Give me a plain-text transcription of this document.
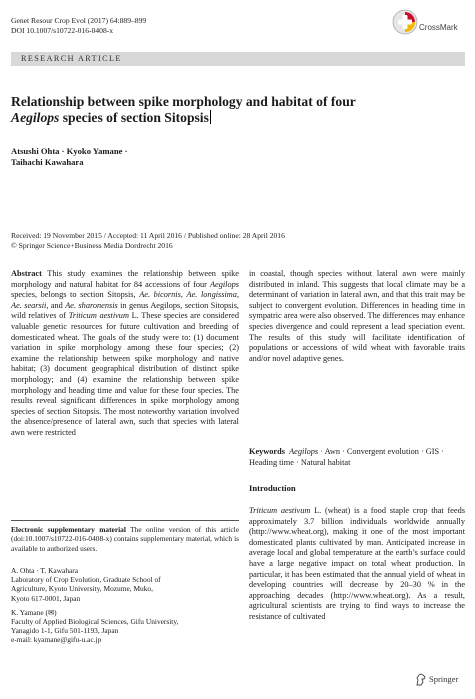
Genet Resour Crop Evol (2017) 64:889–899
DOI 10.1007/s10722-016-0408-x	CrossMark
RESEARCH ARTICLE
Relationship between spike morphology and habitat of four
Aegilops species of section Sitopsis
Atsushi Ohta · Kyoko Yamane ·
Taihachi Kawahara
Received: 19 November 2015 / Accepted: 11 April 2016 / Published online: 28 April 2016
© Springer Science+Business Media Dordrecht 2016
Abstract This study examines the relationship between spike morphology and natural habitat for 84 accessions of four Aegilops species, belongs to section Sitopsis, Ae. bicornis, Ae. longissima, Ae. searsii, and Ae. sharonensis in genus Aegilops, section Sitopsis, wild relatives of Triticum aestivum L. These species are considered valuable genetic resources for future cultivation and breeding of domesticated wheat. The goals of the study were to: (1) document variation in spike morphology among these four species; (2) examine the relationship between spike morphology and native habitat; (3) document geographical distribution of distinct spike morphology; and (4) examine the relationship between spike morphology and heading time and value for these four species. The results reveal significant differences in spike morphology among species of section Sitopsis. The most noteworthy variation involved the absence/presence of lateral awn, such that species with lateral awn were restricted
in coastal, though species without lateral awn were mainly distributed in inland. This suggests that local climate may be a determinant of variation in lateral awn, and that this trait may be subject to convergent evolution. Differences in heading time in sympatric area were also observed. The differences may enhance species divergence and could represent a lead speciation event. The results of this study will facilitate identification of populations or accessions of wild wheat with favorable traits and/or novel adaptive genes.
Keywords Aegilops · Awn · Convergent evolution · GIS · Heading time · Natural habitat
Introduction
Triticum aestivum L. (wheat) is a food staple crop that feeds approximately 3.7 billion individuals worldwide annually (http://www.wheat.org), making it one of the most important domesticated plants cultivated by man. Anticipated increase in average local and global temperature at the earth’s surface could have a large negative impact on total wheat production. In particular, it has been estimated that the annual yield of wheat in developing countries will decrease by 20–30 % in the approaching decades (http://www.wheat.org). As a result, agricultural scientists are trying to find ways to increase the resistance of cultivated
Electronic supplementary material The online version of this article (doi:10.1007/s10722-016-0408-x) contains supplementary material, which is available to authorized users.
A. Ohta · T. Kawahara
Laboratory of Crop Evolution, Graduate School of
Agriculture, Kyoto University, Mozume, Muko,
Kyoto 617-0001, Japan
K. Yamane (✉)
Faculty of Applied Biological Sciences, Gifu University,
Yanagido 1-1, Gifu 501-1193, Japan
e-mail: kyamane@gifu-u.ac.jp
Springer
